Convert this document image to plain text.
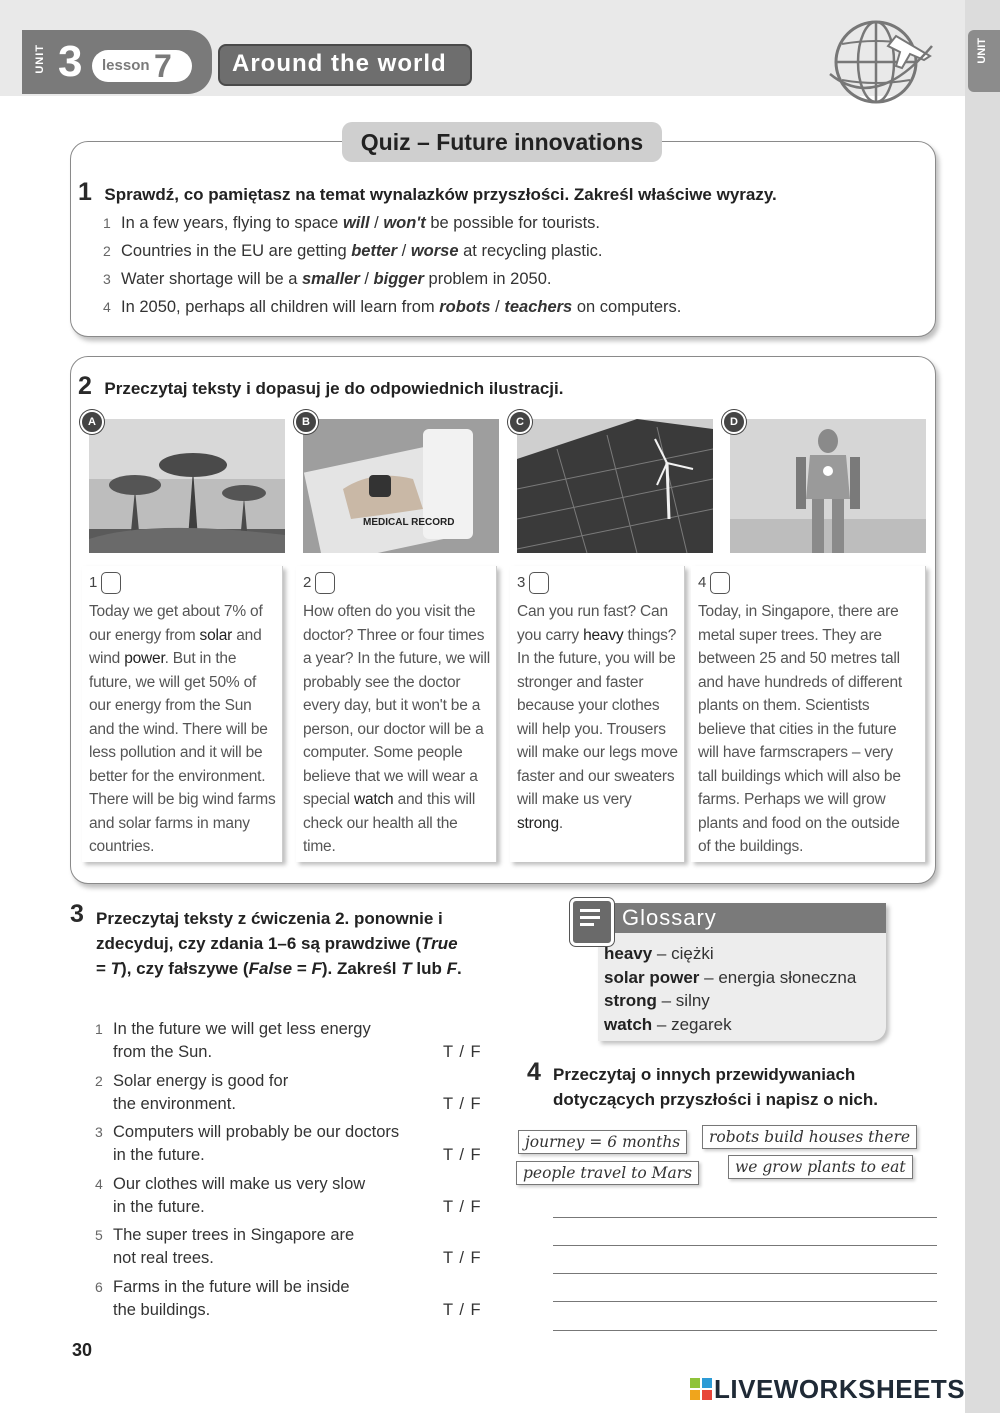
UNIT
UNIT 3 lesson 7	Around the world
Quiz – Future innovations
1 Sprawdź, co pamiętasz na temat wynalazków przyszłości. Zakreśl właściwe wyrazy.
1 In a few years, flying to space will / won't be possible for tourists.
2 Countries in the EU are getting better / worse at recycling plastic.
3 Water shortage will be a smaller / bigger problem in 2050.
4 In 2050, perhaps all children will learn from robots / teachers on computers.
2 Przeczytaj teksty i dopasuj je do odpowiednich ilustracji.
MEDICAL RECORD
A	B	C	D
1
Today we get about 7% of our energy from solar and wind power. But in the future, we will get 50% of our energy from the Sun and the wind. There will be less pollution and it will be better for the environment. There will be big wind farms and solar farms in many countries.
2
How often do you visit the doctor? Three or four times a year? In the future, we will probably see the doctor every day, but it won't be a person, our doctor will be a computer. Some people believe that we will wear a special watch and this will check our health all the time.
3
Can you run fast? Can you carry heavy things? In the future, you will be stronger and faster because your clothes will help you. Trousers will make our legs move faster and our sweaters will make us very strong.
4
Today, in Singapore, there are metal super trees. They are between 25 and 50 metres tall and have hundreds of different plants on them. Scientists believe that cities in the future will have farmscrapers – very tall buildings which will also be farms. Perhaps we will grow plants and food on the outside of the buildings.
3 Przeczytaj teksty z ćwiczenia 2. ponownie i zdecyduj, czy zdania 1–6 są prawdziwe (True = T), czy fałszywe (False = F). Zakreśl T lub F.
1 In the future we will get less energy
from the Sun.	T / F
2 Solar energy is good for
the environment.	T / F
3 Computers will probably be our doctors
in the future.	T / F
4 Our clothes will make us very slow
in the future.	T / F
5 The super trees in Singapore are
not real trees.	T / F
6 Farms in the future will be inside
the buildings.	T / F
Glossary
heavy – ciężki
solar power – energia słoneczna
strong – silny
watch – zegarek
4 Przeczytaj o innych przewidywaniach
dotyczących przyszłości i napisz o nich.
journey = 6 months	robots build houses there
people travel to Mars	we grow plants to eat
30
LIVEWORKSHEETS
